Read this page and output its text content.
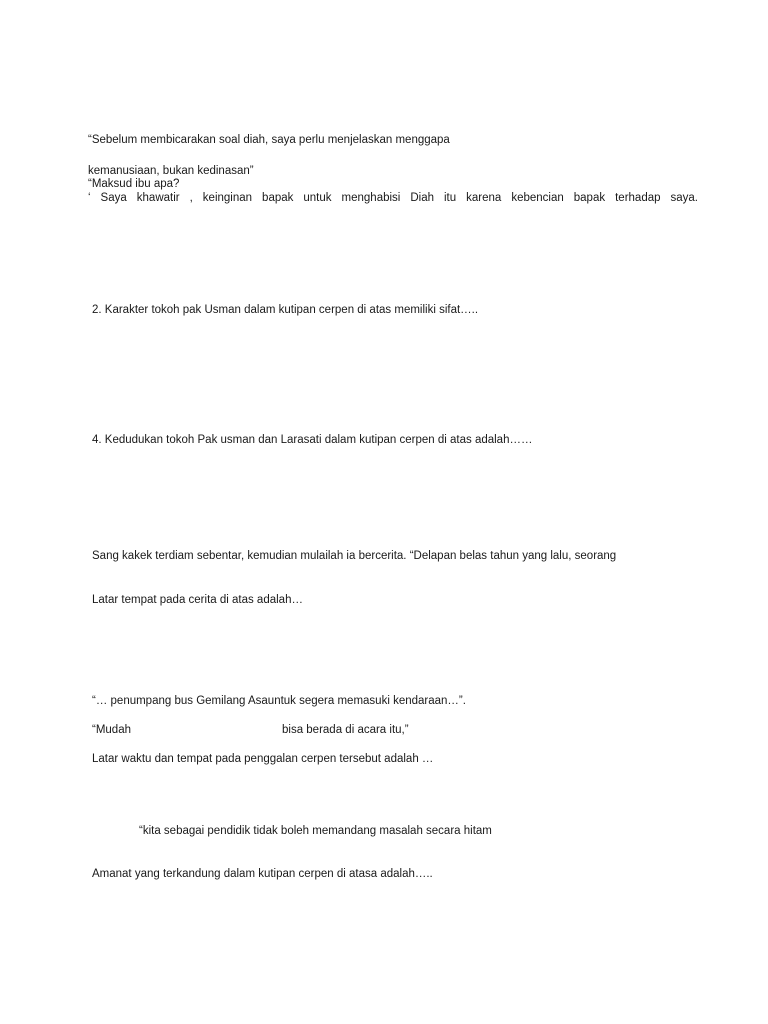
“Sebelum membicarakan soal diah, saya perlu menjelaskan menggapa
kemanusiaan, bukan kedinasan”
“Maksud ibu apa?
‘ Saya khawatir , keinginan bapak untuk menghabisi Diah itu karena kebencian bapak terhadap saya.
2. Karakter tokoh pak Usman dalam kutipan cerpen di atas memiliki sifat…..
4. Kedudukan tokoh Pak usman dan Larasati dalam kutipan cerpen di atas adalah……
Sang kakek terdiam sebentar, kemudian mulailah ia bercerita. “Delapan belas tahun yang lalu, seorang
Latar tempat pada cerita di atas adalah…
“… penumpang bus Gemilang Asauntuk segera memasuki kendaraan…”.
“Mudah	bisa berada di acara itu,”
Latar waktu dan tempat pada penggalan cerpen tersebut adalah …
“kita sebagai pendidik tidak boleh memandang masalah secara hitam
Amanat yang terkandung dalam kutipan cerpen di atasa adalah…..
